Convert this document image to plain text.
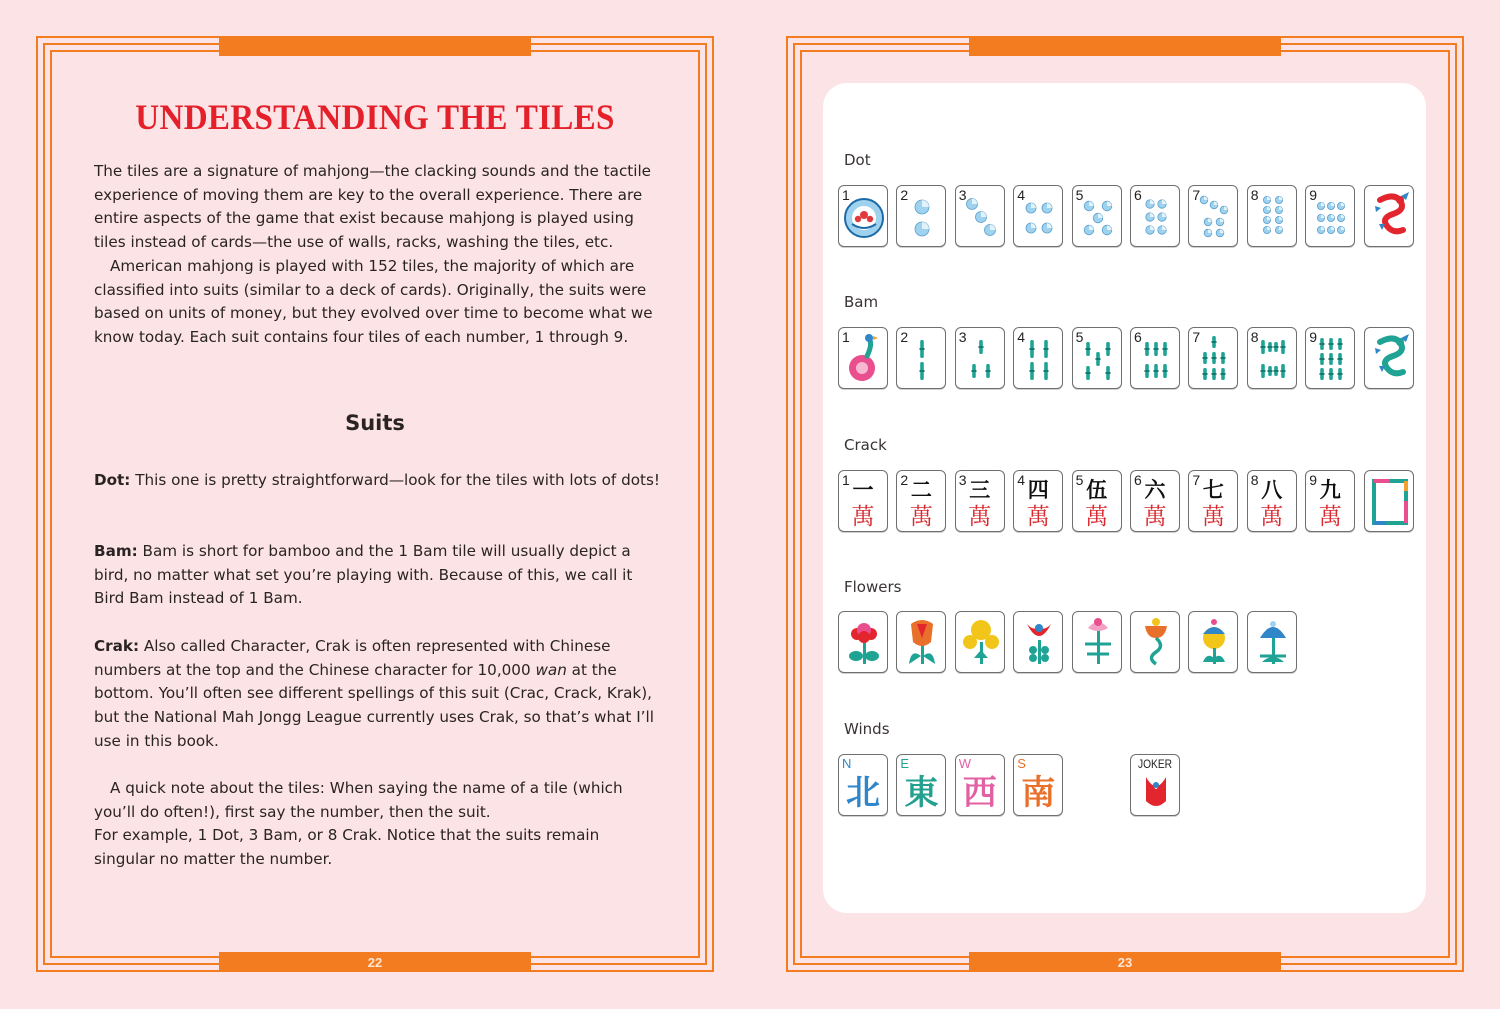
22
UNDERSTANDING THE TILES

The tiles are a signature of mahjong—the clacking sounds and the tactile experience of moving them are key to the overall experience. There are entire aspects of the game that exist because mahjong is played using tiles instead of cards—the use of walls, racks, washing the tiles, etc.

American mahjong is played with 152 tiles, the majority of which are classified into suits (similar to a deck of cards). Originally, the suits were based on units of money, but they evolved over time to become what we know today. Each suit contains four tiles of each number, 1 through 9.

Suits

Dot: This one is pretty straightforward—look for the tiles with lots of dots!

Bam: Bam is short for bamboo and the 1 Bam tile will usually depict a bird, no matter what set you’re playing with. Because of this, we call it Bird Bam instead of 1 Bam.

Crak: Also called Character, Crak is often represented with Chinese numbers at the top and the Chinese character for 10,000 wan at the bottom. You’ll often see different spellings of this suit (Crac, Crack, Krak), but the National Mah Jongg League currently uses Crak, so that’s what I’ll use in this book.

A quick note about the tiles: When saying the name of a tile (which you’ll do often!), first say the number, then the suit.

For example, 1 Dot, 3 Bam, or 8 Crak. Notice that the suits remain singular no matter the number.

23
Dot
1	2	3	4	5	6	7	8	9
Bam
1	2	3	4	5	6	7	8	9
Crack
一
萬
1	二
萬
2	三
萬
3	四
萬
4	伍
萬
5	六
萬
6	七
萬
7	八
萬
8	九
萬
9
Flowers
Winds
N
北
E
東
W
西
S
南
JOKER
